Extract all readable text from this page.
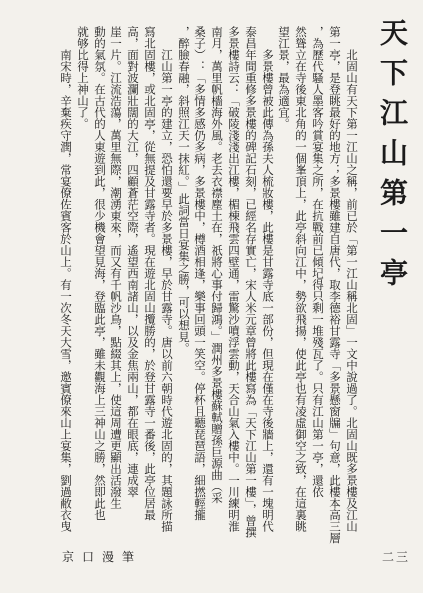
天下江山第一亭
北固山有天下第一江山之稱，前已於「第一江山稱北固」一文中說過了。北固山既多景樓及江山
第一亭，是登眺最好的地方；多景樓雖建自唐代，取李德裕甘露寺「多景懸窗牖」句意，此樓本高三層
，為歷代騷人墨客吟賞宴集之所，在抗戰前已傾圮得只剩一堆殘瓦了。只有江山第一亭，還依
然聳立在寺後東北角的一個峯頂上，此亭斜向江中，勢欲飛揚，使此亭也有凌虛御空之致，在這裏眺
望江景，最為適宜。
多景樓曾被此傳為孫夫人梳妝樓，此樓是甘露寺底一部份，但現在僅在寺後牆上，還有一塊明代
泰昌年間重修多景樓的碑記石刻，已經名存實亡，宋人米元章曾將此樓寫為「天下江山第一樓」，曾撰
多景樓詩云：「破陵淺淺出江樓，楣棟飛雲四壁通，雷驚沙噴浮雲動，天合山氣入樓中。一川練明淮
南月，萬里帆檣海外風。老去衣襟塵土在，祇將心事付歸鴻。」潤州多景樓蘇軾贈孫巨源曲（采
桑子）：「多情多感仍多病，多景樓中，樽酒相逢，樂事回頭一笑空。停杯且聽琵琶語，細撚輕攏
，醉臉春融，斜照江天一抹紅。」此詞當日宴集之勝，可以想見。
江山第一亭的建立，恐怕還要早於多景樓，早於甘露寺。唐以前六朝時代遊北固的，其題詠所描
寫北固樓，或北固亭，從無提及甘露寺者。現在遊北固山攬勝的，於登甘露寺一番後，此亭位居最
高，面對波瀾壯闊的大江，四顧蒼茫空際，遙望西南諸山，以及金焦兩山，都在眼底，連成翠
崖一片。江流浩蕩，萬里無際，潮湧東來，而又有千帆沙鳥，點綴其上，使這周遭更顯出活潑生
動的氣氛。在古代的人東遊到此，很少機會望見海，登臨此亭，雖未觀海上三神山之勝，然即此也
就够比得上神山了。
南宋時，辛棄疾守潤，常宴僚佐賓客於山上。有一次冬天大雪，邀賓僚來山上宴集，劉過敝衣曳
京口漫筆	二三
